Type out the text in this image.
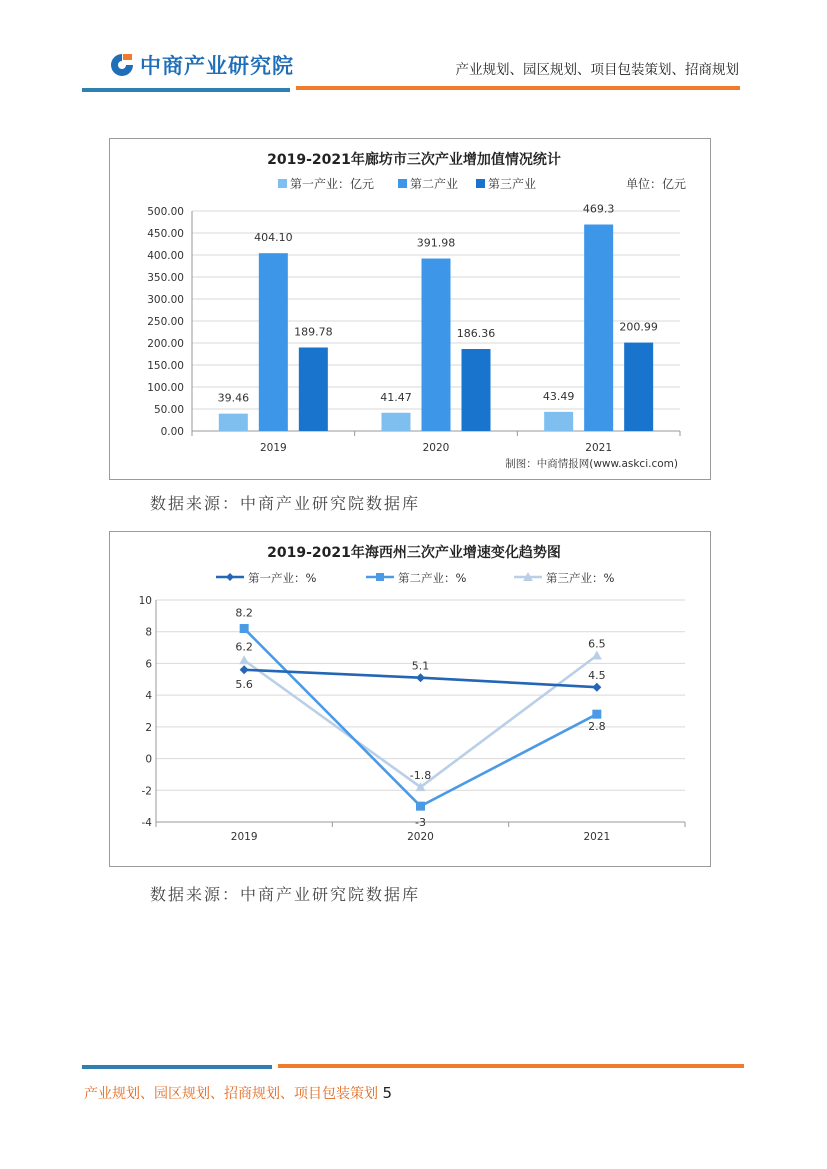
中商产业研究院	产业规划、园区规划、项目包装策划、招商规划
2019-2021年廊坊市三次产业增加值情况统计
第一产业：亿元	第二产业 第三产业	单位：亿元
0.00
50.00
100.00
150.00
200.00
250.00
300.00
350.00
400.00
450.00
500.00
2019
39.46
404.10
189.78
2020
41.47
391.98
186.36
2021
43.49
469.3
200.99
制图：中商情报网(www.askci.com)
数据来源：中商产业研究院数据库
2019-2021年海西州三次产业增速变化趋势图
第一产业：%	第二产业：%	第三产业：%
-4
-2
0
2
4
6
8
10
2019	2020	2021
5.6
5.1
4.5
8.2
-3
2.8
6.2
-1.8
6.5
数据来源：中商产业研究院数据库
产业规划、园区规划、招商规划、项目包装策划 5
